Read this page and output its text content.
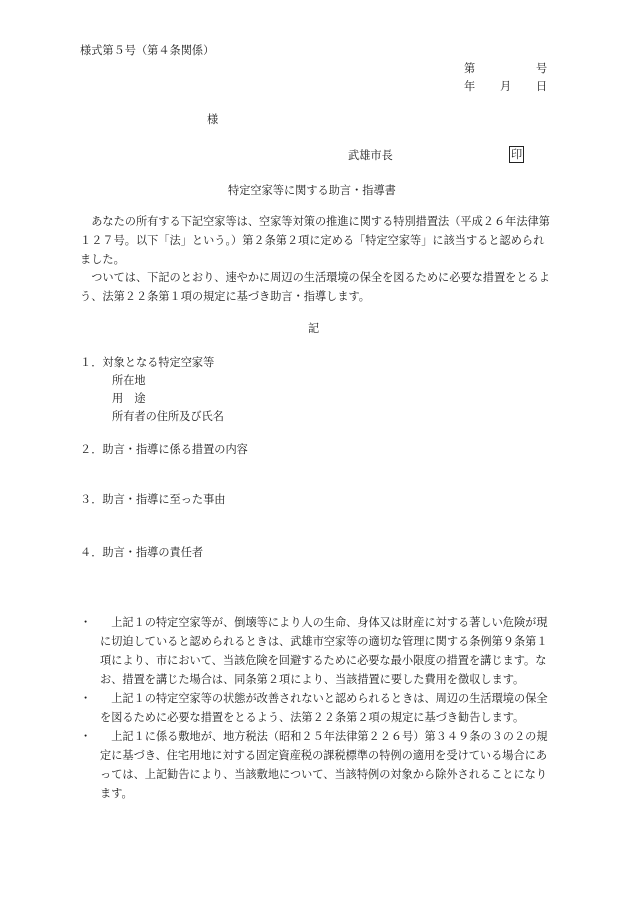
様式第５号（第４条関係）
第	号
年 月 日
様
武雄市長	印
特定空家等に関する助言・指導書
あなたの所有する下記空家等は、空家等対策の推進に関する特別措置法（平成２６年法律第１２７号。以下「法」という。）第２条第２項に定める「特定空家等」に該当すると認められました。
ついては、下記のとおり、速やかに周辺の生活環境の保全を図るために必要な措置をとるよう、法第２２条第１項の規定に基づき助言・指導します。
記
１．対象となる特定空家等
所在地
用　途
所有者の住所及び氏名
２．助言・指導に係る措置の内容
３．助言・指導に至った事由
４．助言・指導の責任者
・	上記１の特定空家等が、倒壊等により人の生命、身体又は財産に対する著しい危険が現に切迫していると認められるときは、武雄市空家等の適切な管理に関する条例第９条第１項により、市において、当該危険を回避するために必要な最小限度の措置を講じます。なお、措置を講じた場合は、同条第２項により、当該措置に要した費用を徴収します。
・	上記１の特定空家等の状態が改善されないと認められるときは、周辺の生活環境の保全を図るために必要な措置をとるよう、法第２２条第２項の規定に基づき勧告します。
・	上記１に係る敷地が、地方税法（昭和２５年法律第２２６号）第３４９条の３の２の規定に基づき、住宅用地に対する固定資産税の課税標準の特例の適用を受けている場合にあっては、上記勧告により、当該敷地について、当該特例の対象から除外されることになります。
